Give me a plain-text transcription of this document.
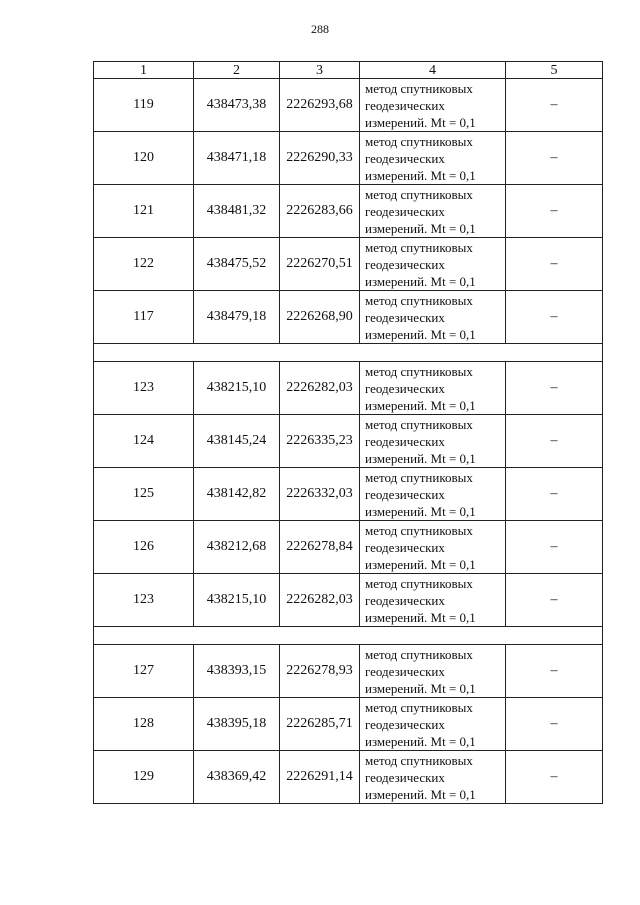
288
1	2	3	4	5
119	438473,38	2226293,68	метод спутниковых
геодезических
измерений. Mt = 0,1	–
120	438471,18	2226290,33	метод спутниковых
геодезических
измерений. Mt = 0,1	–
121	438481,32	2226283,66	метод спутниковых
геодезических
измерений. Mt = 0,1	–
122	438475,52	2226270,51	метод спутниковых
геодезических
измерений. Mt = 0,1	–
117	438479,18	2226268,90	метод спутниковых
геодезических
измерений. Mt = 0,1	–

123	438215,10	2226282,03	метод спутниковых
геодезических
измерений. Mt = 0,1	–
124	438145,24	2226335,23	метод спутниковых
геодезических
измерений. Mt = 0,1	–
125	438142,82	2226332,03	метод спутниковых
геодезических
измерений. Mt = 0,1	–
126	438212,68	2226278,84	метод спутниковых
геодезических
измерений. Mt = 0,1	–
123	438215,10	2226282,03	метод спутниковых
геодезических
измерений. Mt = 0,1	–

127	438393,15	2226278,93	метод спутниковых
геодезических
измерений. Mt = 0,1	–
128	438395,18	2226285,71	метод спутниковых
геодезических
измерений. Mt = 0,1	–
129	438369,42	2226291,14	метод спутниковых
геодезических
измерений. Mt = 0,1	–
